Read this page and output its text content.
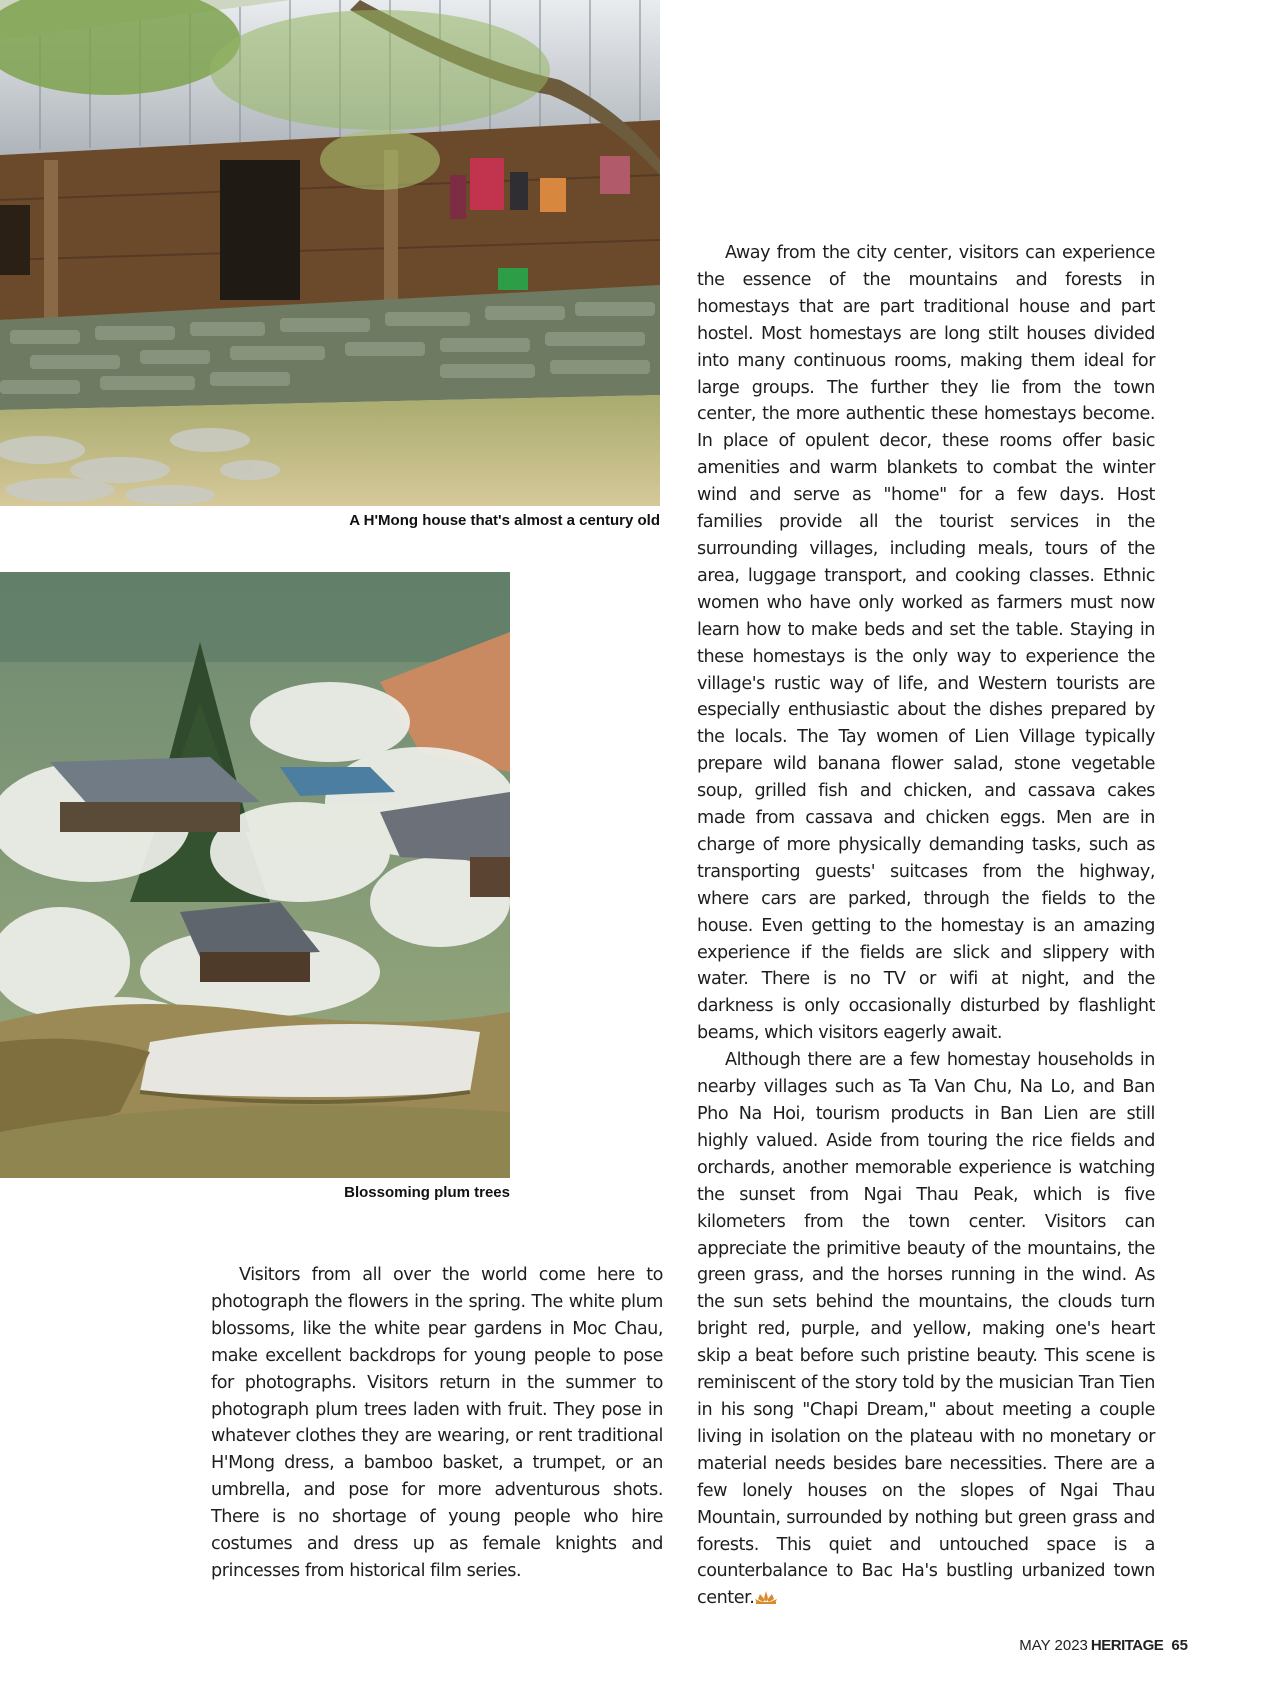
A H'Mong house that's almost a century old

Blossoming plum trees

Away from the city center, visitors can experience the essence of the mountains and forests in homestays that are part traditional house and part hostel. Most homestays are long stilt houses divided into many continuous rooms, making them ideal for large groups. The further they lie from the town center, the more authentic these homestays become. In place of opulent decor, these rooms offer basic amenities and warm blankets to combat the winter wind and serve as "home" for a few days. Host families provide all the tourist services in the surrounding villages, including meals, tours of the area, luggage transport, and cooking classes. Ethnic women who have only worked as farmers must now learn how to make beds and set the table. Staying in these homestays is the only way to experience the village's rustic way of life, and Western tourists are especially enthusiastic about the dishes prepared by the locals. The Tay women of Lien Village typically prepare wild banana flower salad, stone vegetable soup, grilled fish and chicken, and cassava cakes made from cassava and chicken eggs. Men are in charge of more physically demanding tasks, such as transporting guests' suitcases from the highway, where cars are parked, through the fields to the house. Even getting to the homestay is an amazing experience if the fields are slick and slippery with water. There is no TV or wifi at night, and the darkness is only occasionally disturbed by flashlight beams, which visitors eagerly await.

Although there are a few homestay households in nearby villages such as Ta Van Chu, Na Lo, and Ban Pho Na Hoi, tourism products in Ban Lien are still highly valued. Aside from touring the rice fields and orchards, another memorable experience is watching the sunset from Ngai Thau Peak, which is five kilometers from the town center. Visitors can appreciate the primitive beauty of the mountains, the green grass, and the horses running in the wind. As the sun sets behind the mountains, the clouds turn bright red, purple, and yellow, making one's heart skip a beat before such pristine beauty. This scene is reminiscent of the story told by the musician Tran Tien in his song "Chapi Dream," about meeting a couple living in isolation on the plateau with no monetary or material needs besides bare necessities. There are a few lonely houses on the slopes of Ngai Thau Mountain, surrounded by nothing but green grass and forests. This quiet and untouched space is a counterbalance to Bac Ha's bustling urbanized town center.

Visitors from all over the world come here to photograph the flowers in the spring. The white plum blossoms, like the white pear gardens in Moc Chau, make excellent backdrops for young people to pose for photographs. Visitors return in the summer to photograph plum trees laden with fruit. They pose in whatever clothes they are wearing, or rent traditional H'Mong dress, a bamboo basket, a trumpet, or an umbrella, and pose for more adventurous shots. There is no shortage of young people who hire costumes and dress up as female knights and princesses from historical film series.

MAY 2023 HERITAGE 65
